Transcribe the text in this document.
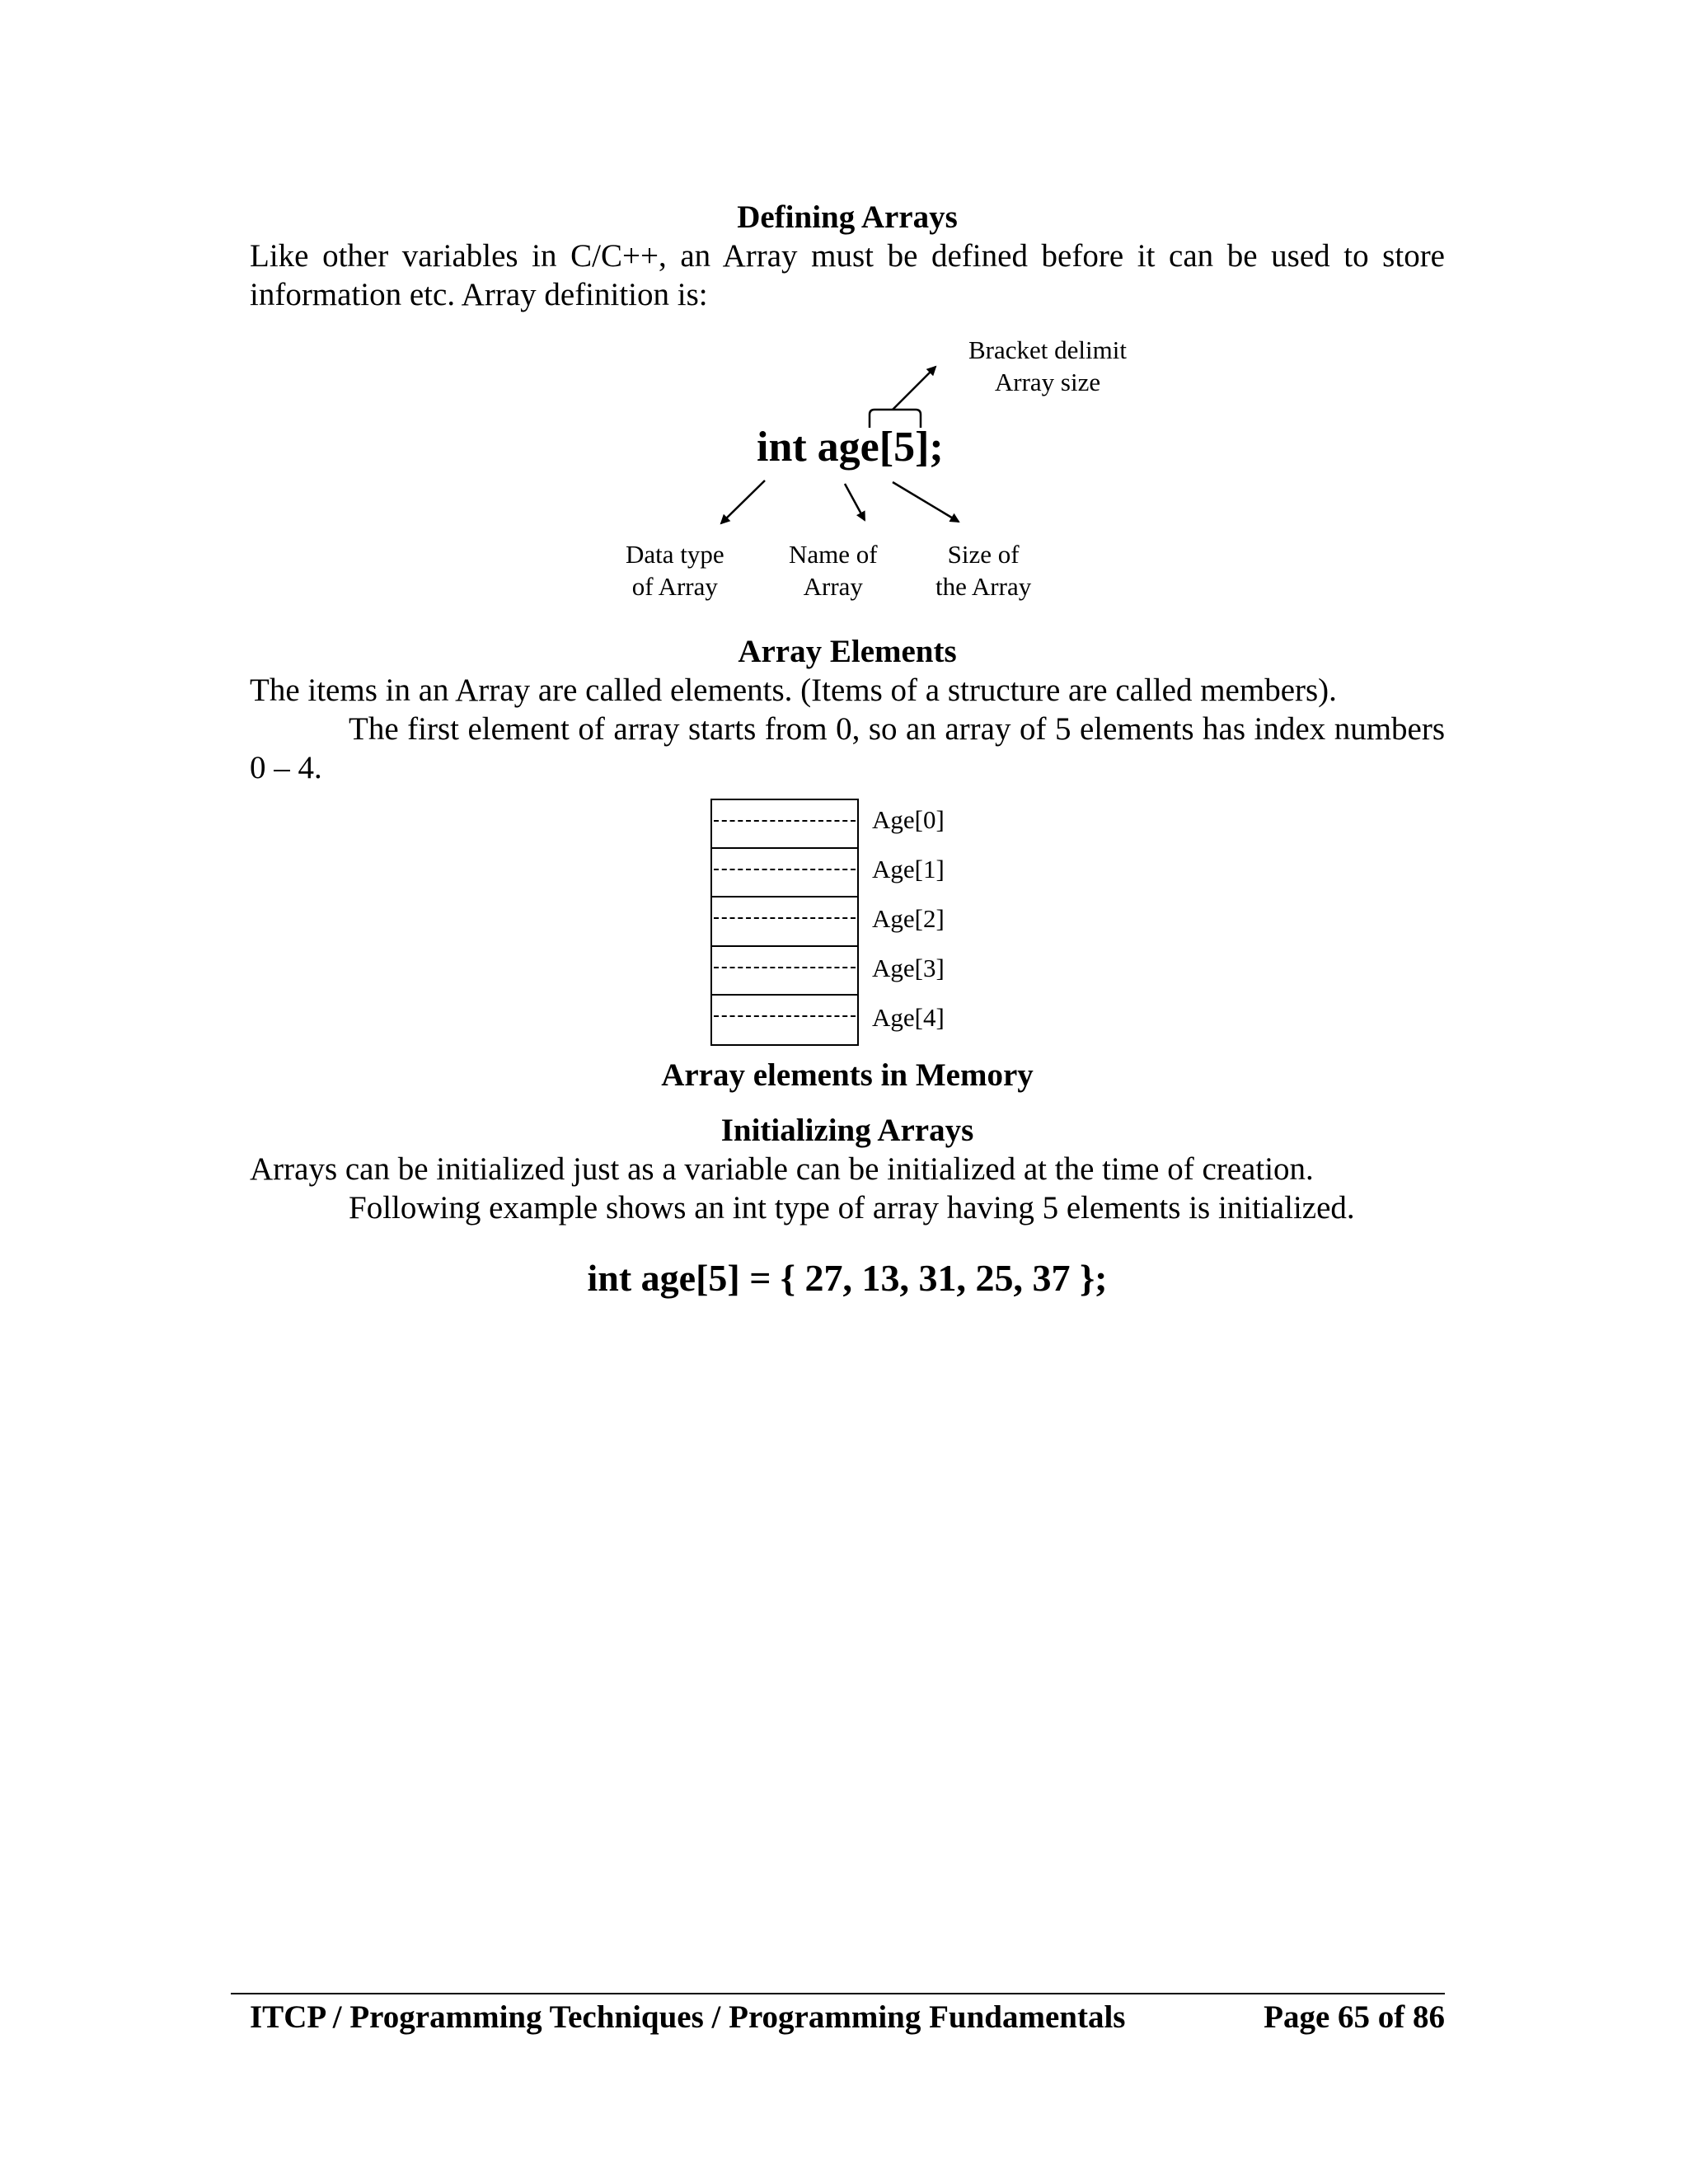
Defining Arrays

Like other variables in C/C++, an Array must be defined before it can be used to store information etc. Array definition is:

int age[5];
Bracket delimit
Array size
Data type
of Array
Name of
Array
Size of
the Array

Array Elements

The items in an Array are called elements. (Items of a structure are called members).

The first element of array starts from 0, so an array of 5 elements has index numbers 0 – 4.

Age[0]
Age[1]
Age[2]
Age[3]
Age[4]

Array elements in Memory

Initializing Arrays

Arrays can be initialized just as a variable can be initialized at the time of creation.

Following example shows an int type of array having 5 elements is initialized.

int age[5] = { 27, 13, 31, 25, 37 };
ITCP / Programming Techniques / Programming Fundamentals	Page 65 of 86
